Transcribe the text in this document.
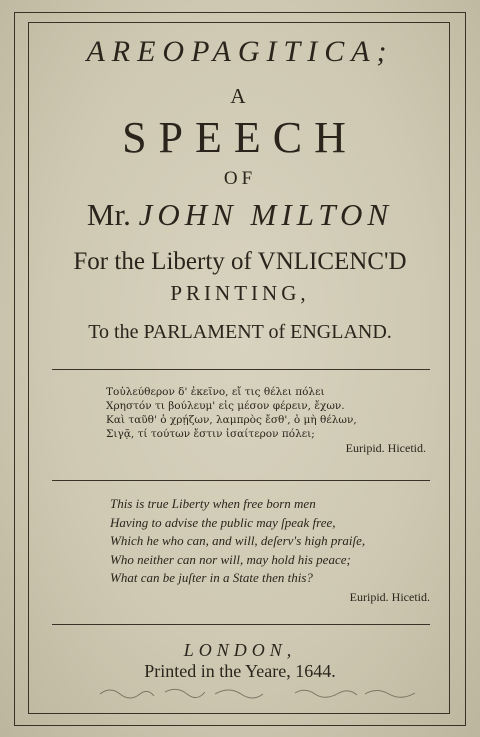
AREOPAGITICA;
A
SPEECH
OF
Mr. JOHN MILTON
For the Liberty of VNLICENC'D
PRINTING,
To the PARLAMENT of ENGLAND.
Τοὐλεύθερον δ' ἐκεῖνο, εἴ τις θέλει πόλει
Χρηστόν τι βούλευμ' εἰς μέσον φέρειν, ἔχων.
Καὶ ταῦθ' ὁ χρῄζων, λαμπρὸς ἔσθ', ὁ μὴ θέλων,
Σιγᾷ, τί τούτων ἔστιν ἰσαίτερον πόλει;
Euripid. Hicetid.
This is true Liberty when free born men
Having to advise the public may ſpeak free,
Which he who can, and will, deſerv's high praiſe,
Who neither can nor will, may hold his peace;
What can be juſter in a State then this?
Euripid. Hicetid.
LONDON,
Printed in the Yeare, 1644.
